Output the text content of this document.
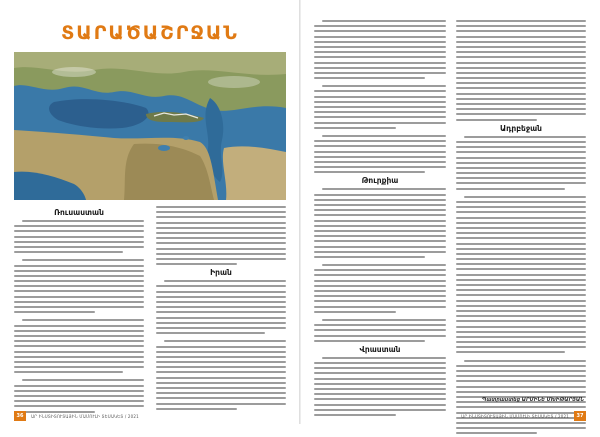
ՏԱՐԱԾԱՇՐՋԱՆ
Ռուսաստան
Իրան
36	ԱՐ ԻՆՍՏԻՏՈՒՏԱՅԻՆ ՄԱՄՈՒԼԻ ՏԵՍԱԿԵՏ / 2021
Թուրքիա
Վրաստան
Ադրբեջան
Պատրաստեց ԱՐՄԻՆԵ ՄԽԻԹԱՐՅԱՆ
ԱՐ ԻՆՍՏԻՏՈՒՏԱՅԻՆ ՄԱՄՈՒԼԻ ՏԵՍԱԿԵՏ / 2021	37
